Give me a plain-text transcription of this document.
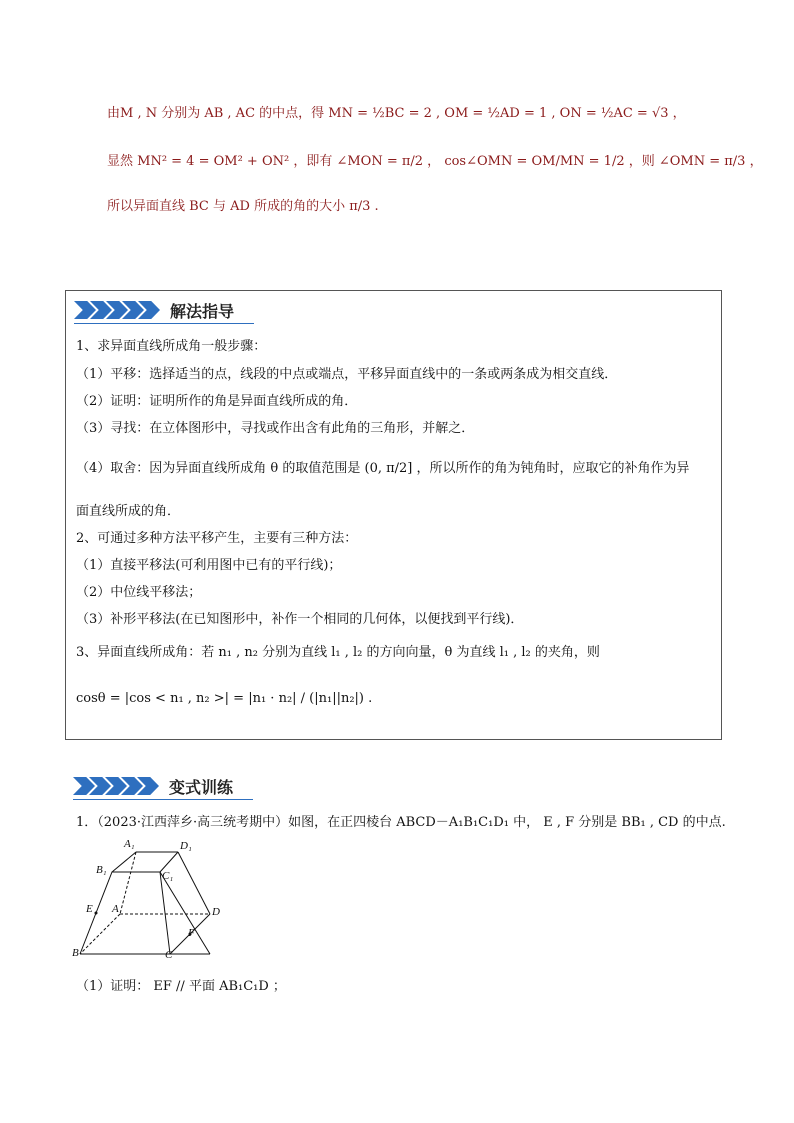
由M , N 分别为 AB , AC 的中点，得 MN = ½BC = 2 , OM = ½AD = 1 , ON = ½AC = √3 ，
显然 MN² = 4 = OM² + ON² ，即有 ∠MON = π/2 ， cos∠OMN = OM/MN = 1/2 ，则 ∠OMN = π/3 ，
所以异面直线 BC 与 AD 所成的角的大小 π/3 .
解法指导
1、求异面直线所成角一般步骤：
（1）平移：选择适当的点，线段的中点或端点，平移异面直线中的一条或两条成为相交直线．
（2）证明：证明所作的角是异面直线所成的角．
（3）寻找：在立体图形中，寻找或作出含有此角的三角形，并解之．
（4）取舍：因为异面直线所成角 θ 的取值范围是 (0, π/2] ，所以所作的角为钝角时，应取它的补角作为异
面直线所成的角．
2、可通过多种方法平移产生，主要有三种方法：
（1）直接平移法(可利用图中已有的平行线)；
（2）中位线平移法；
（3）补形平移法(在已知图形中，补作一个相同的几何体，以便找到平行线)．
3、异面直线所成角：若 n₁ , n₂ 分别为直线 l₁ , l₂ 的方向向量，θ 为直线 l₁ , l₂ 的夹角，则
cosθ = |cos < n₁ , n₂ >| = |n₁ · n₂| / (|n₁||n₂|) .
变式训练
1．（2023·江西萍乡·高三统考期中）如图，在正四棱台 ABCD－A₁B₁C₁D₁ 中， E , F 分别是 BB₁ , CD 的中点.
A₁	D₁
B₁	C₁
E A	D
F
B	C
（1）证明： EF // 平面 AB₁C₁D ；
